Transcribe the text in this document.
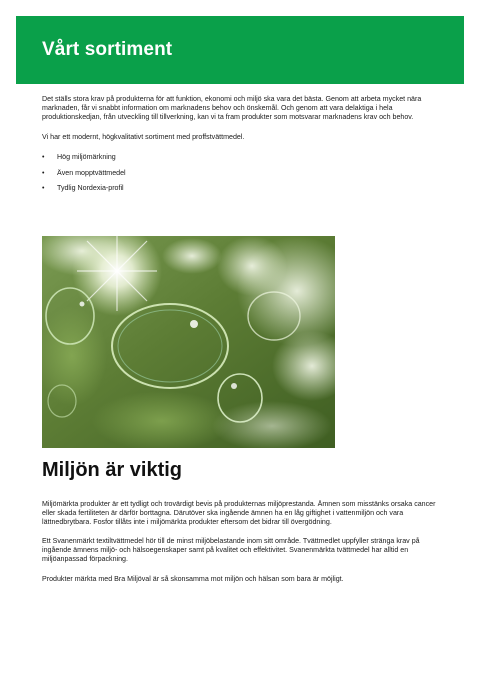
Vårt sortiment

Det ställs stora krav på produkterna för att funktion, ekonomi och miljö ska vara det bästa. Genom att arbeta mycket nära marknaden, får vi snabbt information om marknadens behov och önskemål. Och genom att vara delaktiga i hela produktionskedjan, från utveckling till tillverkning, kan vi ta fram produkter som motsvarar marknadens krav och behov.

Vi har ett modernt, högkvalitativt sortiment med proffstvättmedel.

• Hög miljömärkning
• Även mopptvättmedel
• Tydlig Nordexia-profil
Miljön är viktig

Miljömärkta produkter är ett tydligt och trovärdigt bevis på produkternas miljöprestanda. Ämnen som misstänks orsaka cancer eller skada fertiliteten är därför borttagna. Därutöver ska ingående ämnen ha en låg giftighet i vattenmiljön och vara lättnedbrytbara. Fosfor tillåts inte i miljömärkta produkter eftersom det bidrar till övergödning.

Ett Svanenmärkt textiltvättmedel hör till de minst miljöbelastande inom sitt område. Tvättmedlet uppfyller stränga krav på ingående ämnens miljö- och hälsoegenskaper samt på kvalitet och effektivitet. Svanenmärkta tvättmedel har alltid en miljöanpassad förpackning.

Produkter märkta med Bra Miljöval är så skonsamma mot miljön och hälsan som bara är möjligt.
